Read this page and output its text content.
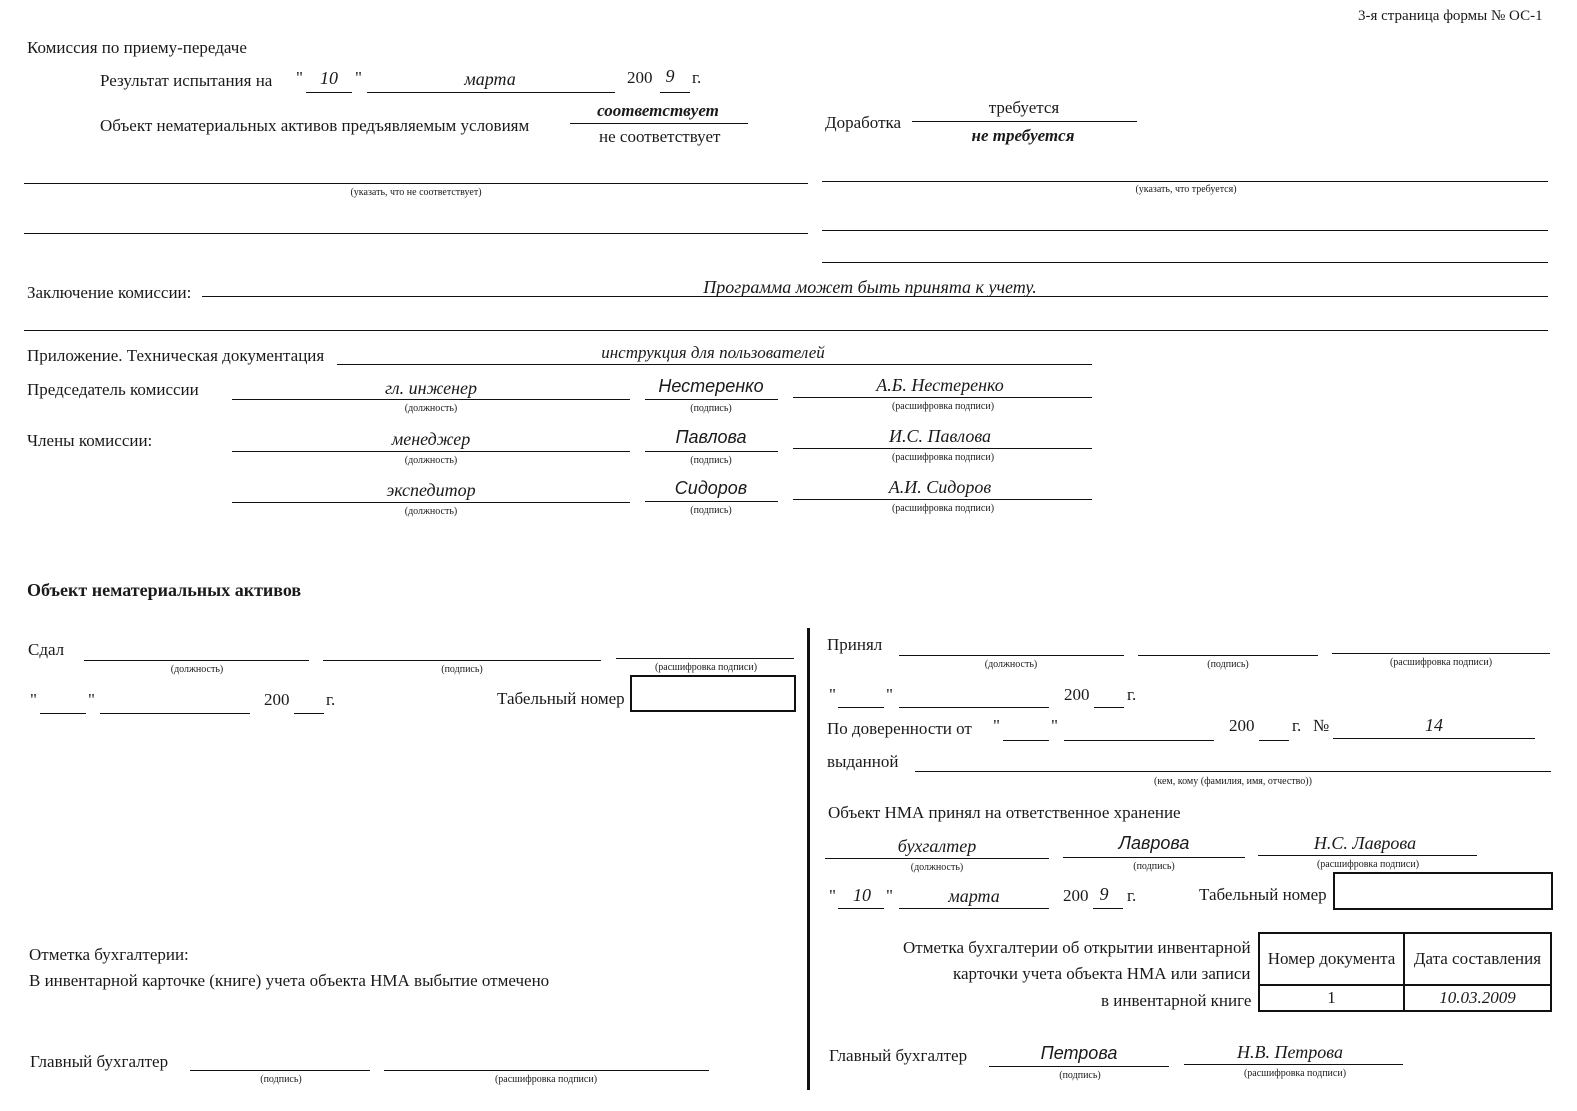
3-я страница формы № ОС-1
Комиссия по приему-передаче
Результат испытания на " 10 "	марта	200 9 г.
Объект нематериальных активов предъявляемым условиям
соответствует
не соответствует
Доработка
требуется
не требуется
(указать, что не соответствует)	(указать, что требуется)
Заключение комиссии:	Программа может быть принята к учету.
Приложение. Техническая документация	инструкция для пользователей
Председатель комиссии	гл. инженер
(должность)
Нестеренко
(подпись)
А.Б. Нестеренко
(расшифровка подписи)
Члены комиссии:	менеджер
(должность)
Павлова
(подпись)
И.С. Павлова
(расшифровка подписи)
экспедитор
(должность)
Сидоров
(подпись)
А.И. Сидоров
(расшифровка подписи)
Объект нематериальных активов
Сдал
(должность)	(подпись)	(расшифровка подписи)
"	"	200 г.	Табельный номер
Отметка бухгалтерии:
В инвентарной карточке (книге) учета объекта НМА выбытие отмечено
Главный бухгалтер
(подпись)	(расшифровка подписи)
Принял
(должность)	(подпись)	(расшифровка подписи)
"	"	200 г.
По доверенности от "	"	200 г. №	14
выданной
(кем, кому (фамилия, имя, отчество))
Объект НМА принял на ответственное хранение
бухгалтер
(должность)
Лаврова
(подпись)
Н.С. Лаврова
(расшифровка подписи)
" 10 "	марта	200 9 г.	Табельный номер
Отметка бухгалтерии об открытии инвентарной
карточки учета объекта НМА или записи
в инвентарной книге
Номер документа	Дата составления
1	10.03.2009
Главный бухгалтер	Петрова
(подпись)
Н.В. Петрова
(расшифровка подписи)
